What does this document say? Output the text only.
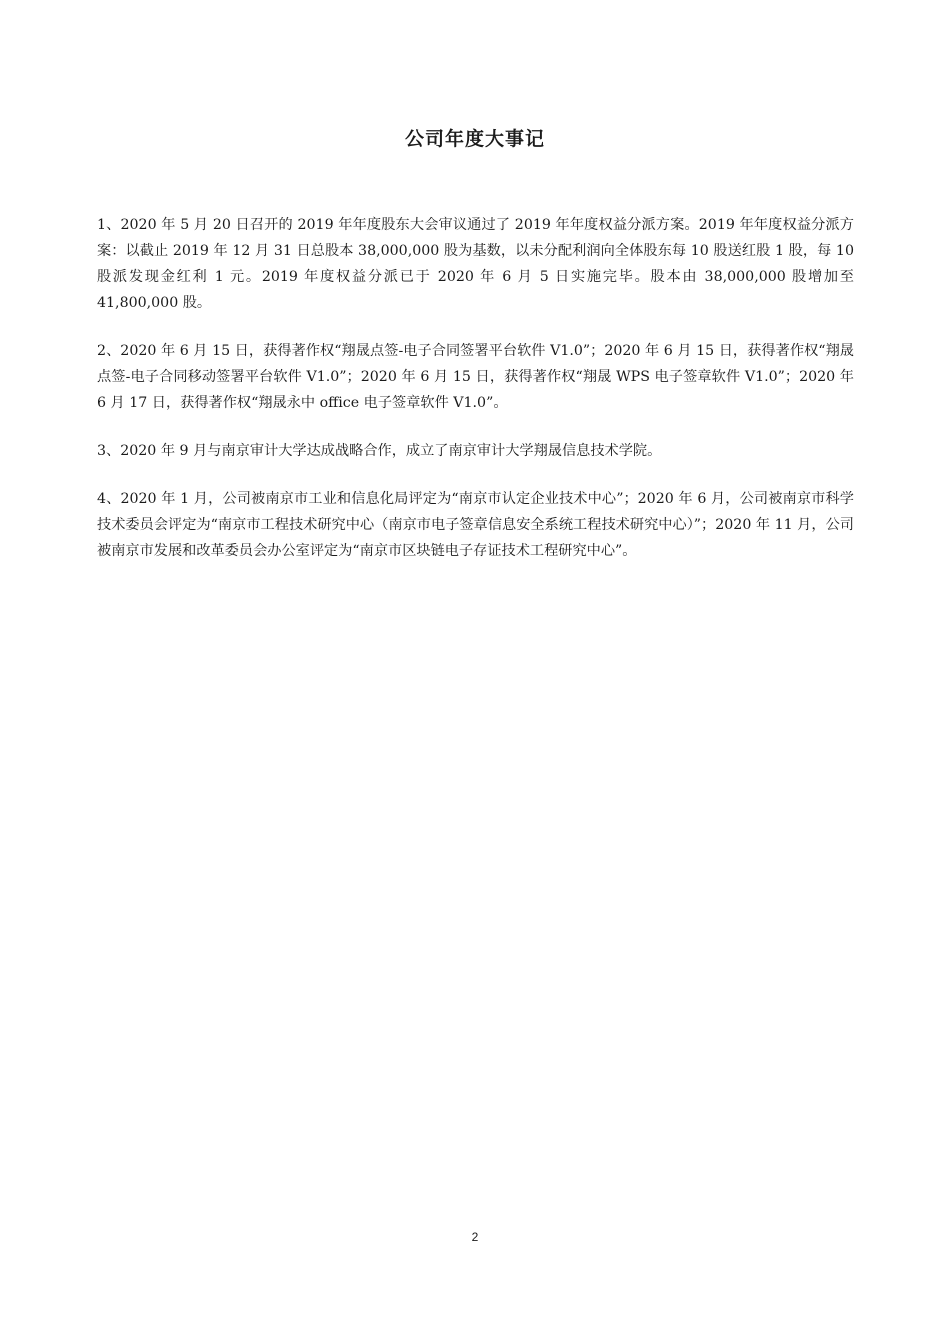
公司年度大事记

1、2020 年 5 月 20 日召开的 2019 年年度股东大会审议通过了 2019 年年度权益分派方案。2019 年年度权益分派方案：以截止 2019 年 12 月 31 日总股本 38,000,000 股为基数，以未分配利润向全体股东每 10 股送红股 1 股，每 10 股派发现金红利 1 元。2019 年度权益分派已于 2020 年 6 月 5 日实施完毕。股本由 38,000,000 股增加至 41,800,000 股。

2、2020 年 6 月 15 日，获得著作权“翔晟点签-电子合同签署平台软件 V1.0”；2020 年 6 月 15 日，获得著作权“翔晟点签-电子合同移动签署平台软件 V1.0”；2020 年 6 月 15 日，获得著作权“翔晟 WPS 电子签章软件 V1.0”；2020 年 6 月 17 日，获得著作权“翔晟永中 office 电子签章软件 V1.0”。

3、2020 年 9 月与南京审计大学达成战略合作，成立了南京审计大学翔晟信息技术学院。

4、2020 年 1 月，公司被南京市工业和信息化局评定为“南京市认定企业技术中心”；2020 年 6 月，公司被南京市科学技术委员会评定为“南京市工程技术研究中心（南京市电子签章信息安全系统工程技术研究中心）”；2020 年 11 月，公司被南京市发展和改革委员会办公室评定为“南京市区块链电子存证技术工程研究中心”。

2
